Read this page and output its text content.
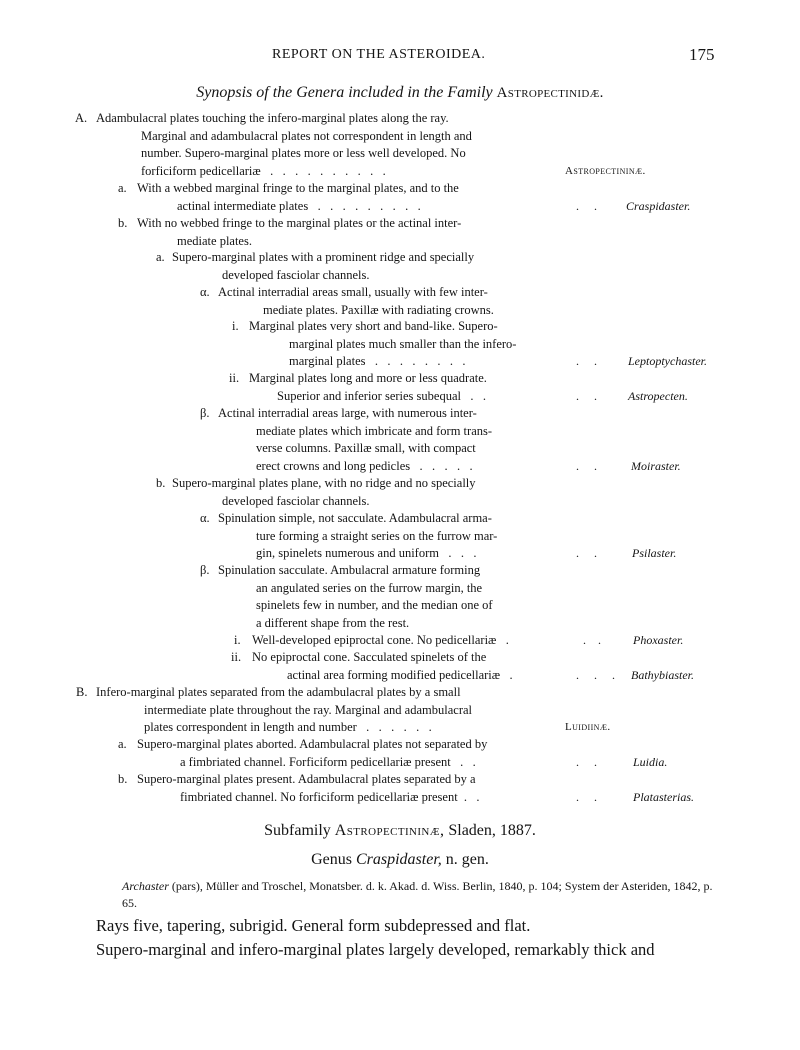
REPORT ON THE ASTEROIDEA.	175
Synopsis of the Genera included in the Family Astropectinidæ.
A. Adambulacral plates touching the infero-marginal plates along the ray.
Marginal and adambulacral plates not correspondent in length and
number. Supero-marginal plates more or less well developed. No
forficiform pedicellariæ   .   .   .   .   .   .   .   .   .   .	Astropectininæ.
a. With a webbed marginal fringe to the marginal plates, and to the
actinal intermediate plates   .   .   .   .   .   .   .   .   .	.     . Craspidaster.
b. With no webbed fringe to the marginal plates or the actinal inter-
mediate plates.
a. Supero-marginal plates with a prominent ridge and specially
developed fasciolar channels.
α. Actinal interradial areas small, usually with few inter-
mediate plates. Paxillæ with radiating crowns.
i. Marginal plates very short and band-like. Supero-
marginal plates much smaller than the infero-
marginal plates   .   .   .   .   .   .   .   .	.     .	Leptoptychaster.
ii. Marginal plates long and more or less quadrate.
Superior and inferior series subequal   .   .	.     .	Astropecten.
β. Actinal interradial areas large, with numerous inter-
mediate plates which imbricate and form trans-
verse columns. Paxillæ small, with compact
erect crowns and long pedicles   .   .   .   .   .	.     .	Moiraster.
b. Supero-marginal plates plane, with no ridge and no specially
developed fasciolar channels.
α. Spinulation simple, not sacculate. Adambulacral arma-
ture forming a straight series on the furrow mar-
gin, spinelets numerous and uniform   .   .   .	.     .	Psilaster.
β. Spinulation sacculate. Ambulacral armature forming
an angulated series on the furrow margin, the
spinelets few in number, and the median one of
a different shape from the rest.
i. Well-developed epiproctal cone. No pedicellariæ   .	.    .	Phoxaster.
ii. No epiproctal cone. Sacculated spinelets of the
actinal area forming modified pedicellariæ   .	.     .     . Bathybiaster.
B. Infero-marginal plates separated from the adambulacral plates by a small
intermediate plate throughout the ray. Marginal and adambulacral
plates correspondent in length and number   .   .   .   .   .   .	Luidiinæ.
a. Supero-marginal plates aborted. Adambulacral plates not separated by
a fimbriated channel. Forficiform pedicellariæ present   .   .	.     .	Luidia.
b. Supero-marginal plates present. Adambulacral plates separated by a
fimbriated channel. No forficiform pedicellariæ present  .   .	.     .	Platasterias.
Subfamily Astropectininæ, Sladen, 1887.
Genus Craspidaster, n. gen.
Archaster (pars), Müller and Troschel, Monatsber. d. k. Akad. d. Wiss. Berlin, 1840, p. 104; System der Asteriden, 1842, p. 65.
Rays five, tapering, subrigid. General form subdepressed and flat.
Supero-marginal and infero-marginal plates largely developed, remarkably thick and
